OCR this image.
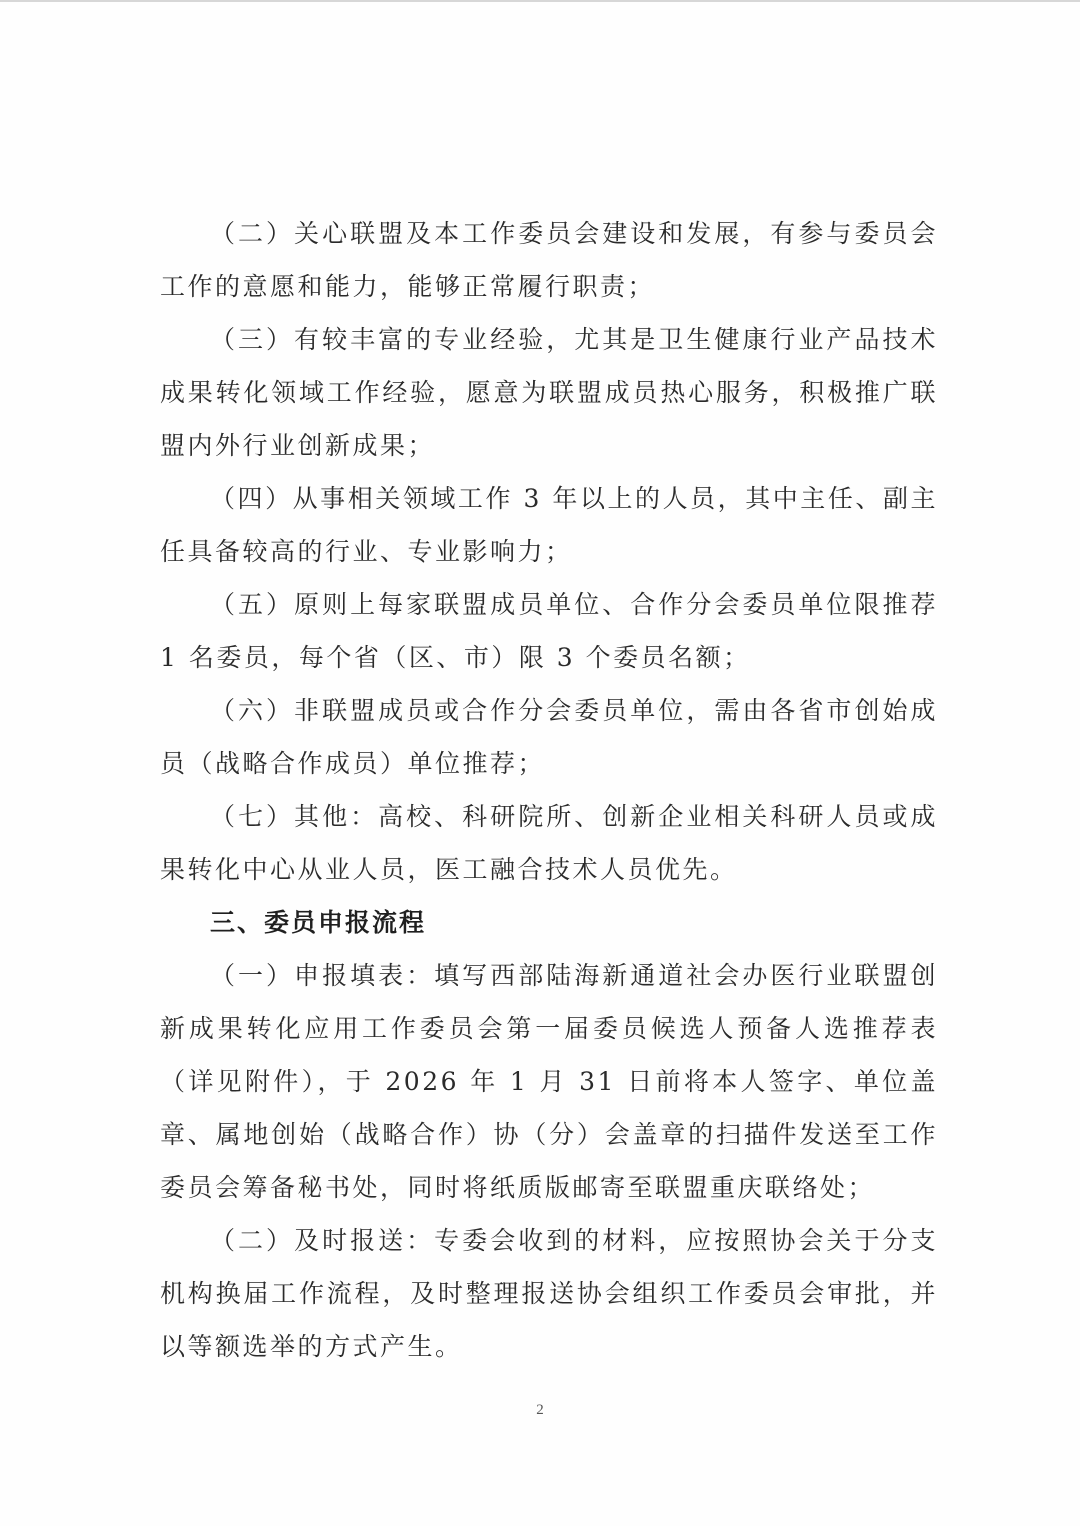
（二）关心联盟及本工作委员会建设和发展，有参与委员会工作的意愿和能力，能够正常履行职责；

（三）有较丰富的专业经验，尤其是卫生健康行业产品技术成果转化领域工作经验，愿意为联盟成员热心服务，积极推广联盟内外行业创新成果；

（四）从事相关领域工作 3 年以上的人员，其中主任、副主任具备较高的行业、专业影响力；

（五）原则上每家联盟成员单位、合作分会委员单位限推荐 1 名委员，每个省（区、市）限 3 个委员名额；

（六）非联盟成员或合作分会委员单位，需由各省市创始成员（战略合作成员）单位推荐；

（七）其他：高校、科研院所、创新企业相关科研人员或成果转化中心从业人员，医工融合技术人员优先。

三、委员申报流程

（一）申报填表：填写西部陆海新通道社会办医行业联盟创新成果转化应用工作委员会第一届委员候选人预备人选推荐表（详见附件），于 2026 年 1 月 31 日前将本人签字、单位盖章、属地创始（战略合作）协（分）会盖章的扫描件发送至工作委员会筹备秘书处，同时将纸质版邮寄至联盟重庆联络处；

（二）及时报送：专委会收到的材料，应按照协会关于分支机构换届工作流程，及时整理报送协会组织工作委员会审批，并以等额选举的方式产生。

2
